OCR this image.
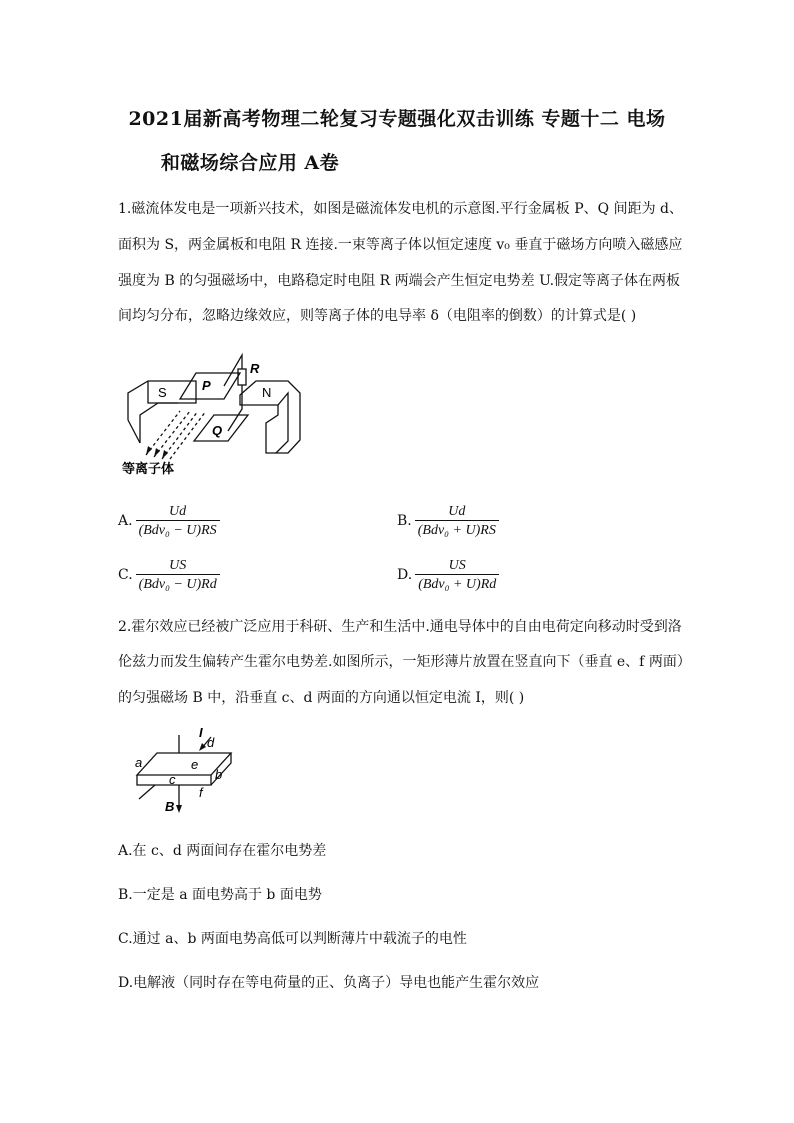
2021届新高考物理二轮复习专题强化双击训练 专题十二 电场
和磁场综合应用 A卷
1.磁流体发电是一项新兴技术，如图是磁流体发电机的示意图.平行金属板 P、Q 间距为 d、
面积为 S，两金属板和电阻 R 连接.一束等离子体以恒定速度 v₀ 垂直于磁场方向喷入磁感应
强度为 B 的匀强磁场中，电路稳定时电阻 R 两端会产生恒定电势差 U.假定等离子体在两板
间均匀分布，忽略边缘效应，则等离子体的电导率 δ（电阻率的倒数）的计算式是( )
S	P
R
N
Q
等离子体
A. $\frac{Ud}{\text{(Bdv₀ − U)RS}}$	B. $\frac{Ud}{\text{(Bdv₀ + U)RS}}$
C. $\frac{US}{\text{(Bdv₀ − U)Rd}}$	D. $\frac{US}{\text{(Bdv₀ + U)Rd}}$
2.霍尔效应已经被广泛应用于科研、生产和生活中.通电导体中的自由电荷定向移动时受到洛
伦兹力而发生偏转产生霍尔电势差.如图所示，一矩形薄片放置在竖直向下（垂直 e、f 两面）
的匀强磁场 B 中，沿垂直 c、d 两面的方向通以恒定电流 I，则( )
I
d
a	e
c	b
f
B
A.在 c、d 两面间存在霍尔电势差
B.一定是 a 面电势高于 b 面电势
C.通过 a、b 两面电势高低可以判断薄片中载流子的电性
D.电解液（同时存在等电荷量的正、负离子）导电也能产生霍尔效应
